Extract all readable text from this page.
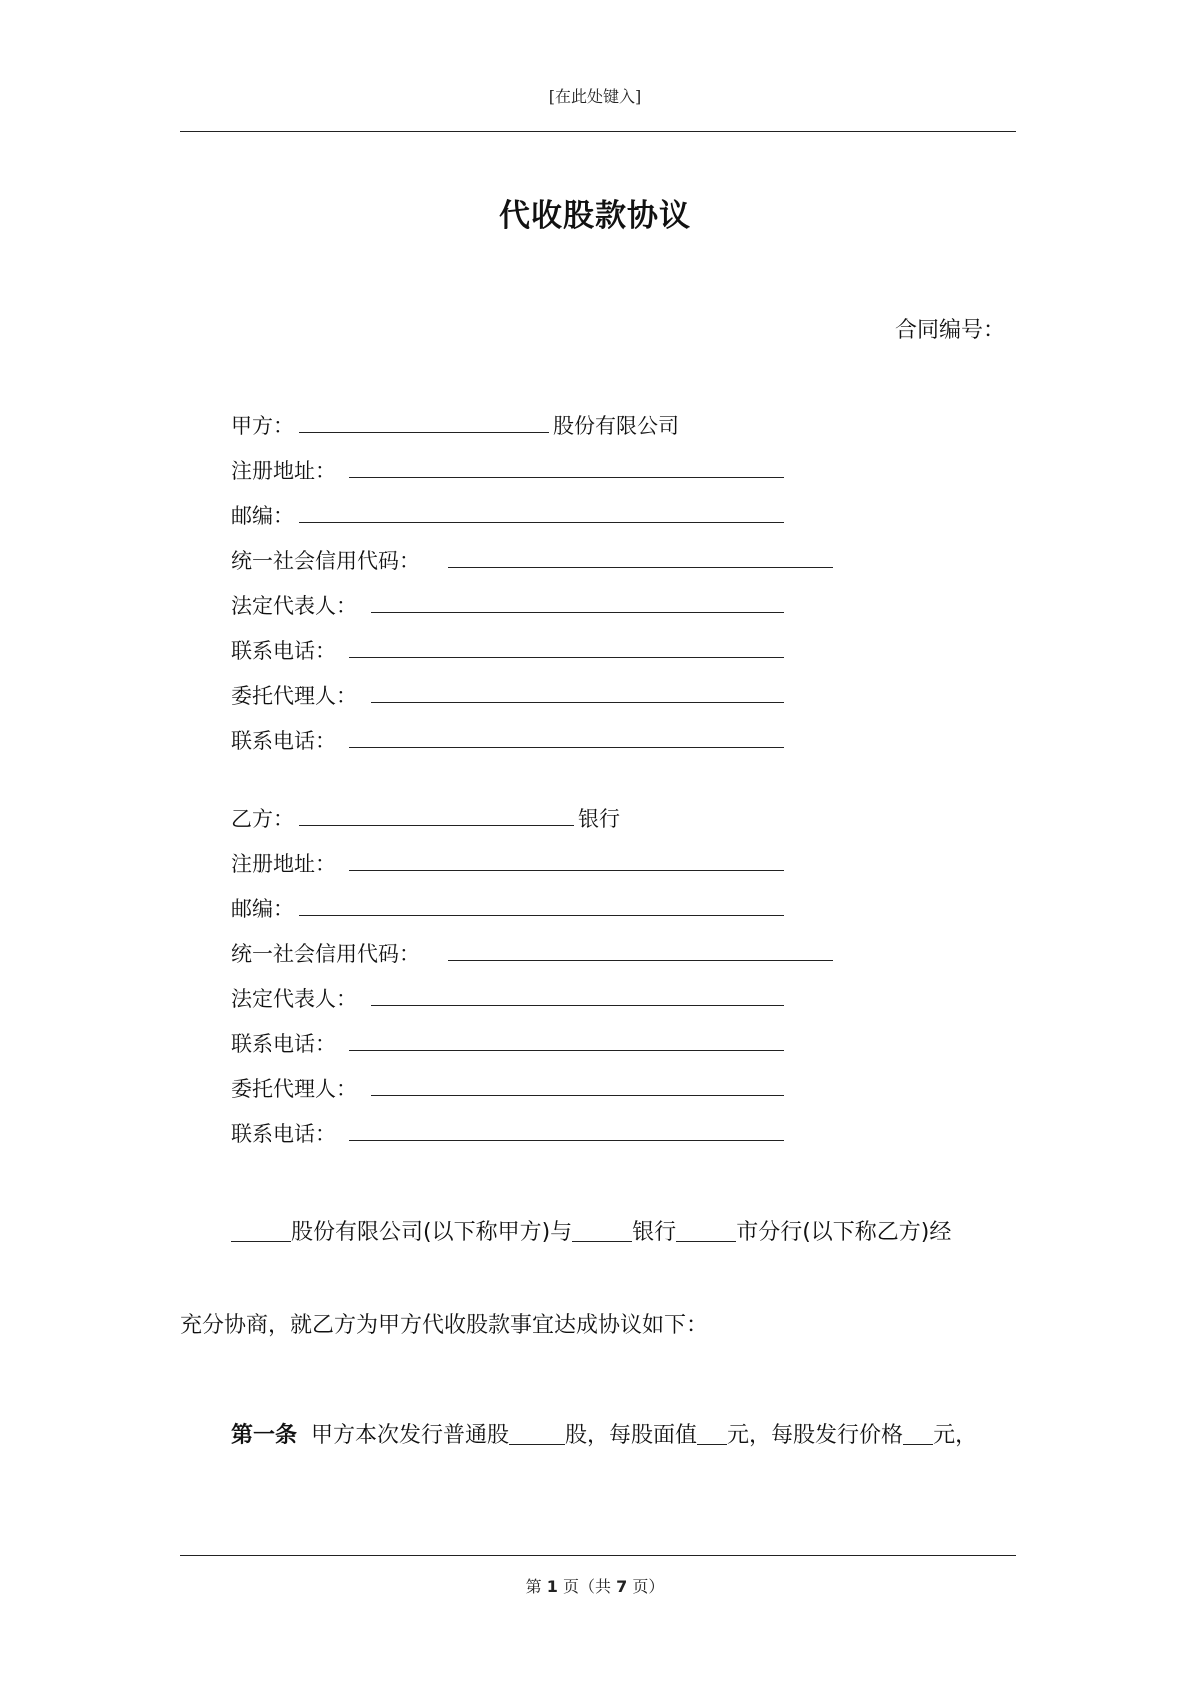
[在此处键入]
代收股款协议
合同编号：
甲方：	股份有限公司
注册地址：
邮编：
统一社会信用代码：
法定代表人：
联系电话：
委托代理人：
联系电话：
乙方：	银行
注册地址：
邮编：
统一社会信用代码：
法定代表人：
联系电话：
委托代理人：
联系电话：
股份有限公司(以下称甲方)与	银行	市分行(以下称乙方)经
充分协商，就乙方为甲方代收股款事宜达成协议如下：
第一条 甲方本次发行普通股	股，每股面值 元，每股发行价格 元，
第 1 页（共 7 页）
